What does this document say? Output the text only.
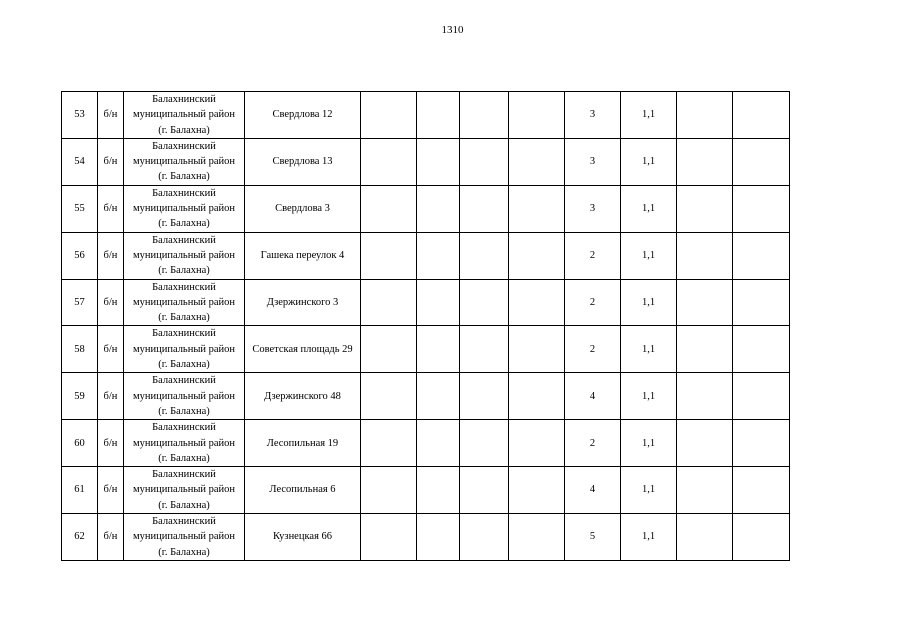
1310
53	б/н	Балахнинский
муниципальный район
(г. Балахна)	Свердлова 12					3	1,1		
54	б/н	Балахнинский
муниципальный район
(г. Балахна)	Свердлова 13					3	1,1		
55	б/н	Балахнинский
муниципальный район
(г. Балахна)	Свердлова 3					3	1,1		
56	б/н	Балахнинский
муниципальный район
(г. Балахна)	Гашека переулок 4					2	1,1		
57	б/н	Балахнинский
муниципальный район
(г. Балахна)	Дзержинского 3					2	1,1		
58	б/н	Балахнинский
муниципальный район
(г. Балахна)	Советская площадь 29					2	1,1		
59	б/н	Балахнинский
муниципальный район
(г. Балахна)	Дзержинского 48					4	1,1		
60	б/н	Балахнинский
муниципальный район
(г. Балахна)	Лесопильная 19					2	1,1		
61	б/н	Балахнинский
муниципальный район
(г. Балахна)	Лесопильная 6					4	1,1		
62	б/н	Балахнинский
муниципальный район
(г. Балахна)	Кузнецкая 66					5	1,1		
